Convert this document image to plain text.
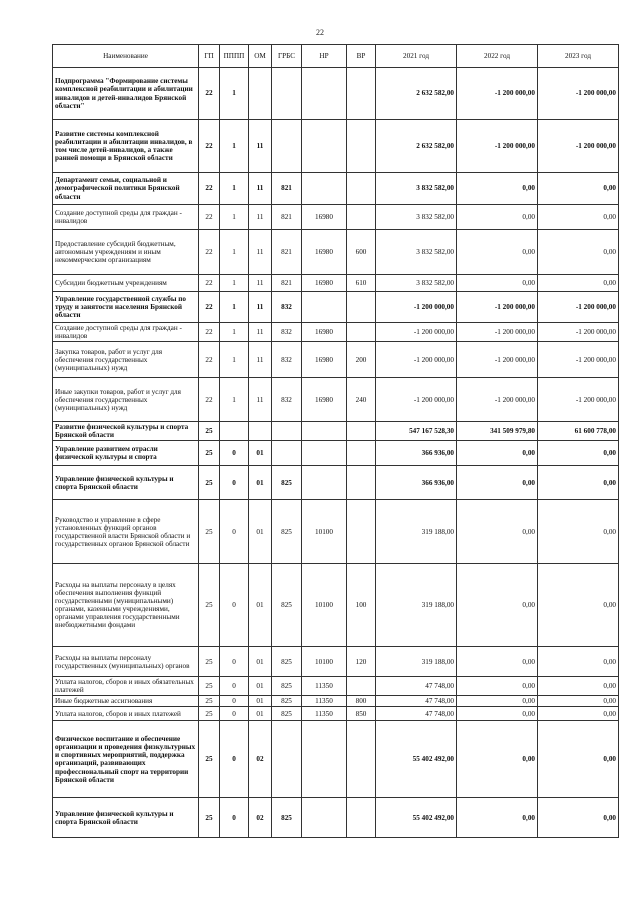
22
Наименование	ГП	ПППП	ОМ	ГРБС	НР	ВР	2021 год	2022 год	2023 год
Подпрограмма "Формирование системы комплексной реабилитации и абилитации инвалидов и детей-инвалидов Брянской области"	22	1					2 632 582,00	-1 200 000,00	-1 200 000,00
Развитие системы комплексной реабилитации и абилитации инвалидов, в том числе детей-инвалидов, а также ранней помощи в Брянской области	22	1	11				2 632 582,00	-1 200 000,00	-1 200 000,00
Департамент семьи, социальной и демографической политики Брянской области	22	1	11	821			3 832 582,00	0,00	0,00
Создание доступной среды для граждан - инвалидов	22	1	11	821	16980		3 832 582,00	0,00	0,00
Предоставление субсидий бюджетным, автономным учреждениям и иным некоммерческим организациям	22	1	11	821	16980	600	3 832 582,00	0,00	0,00
Субсидии бюджетным учреждениям	22	1	11	821	16980	610	3 832 582,00	0,00	0,00
Управление государственной службы по труду и занятости населения Брянской области	22	1	11	832			-1 200 000,00	-1 200 000,00	-1 200 000,00
Создание доступной среды для граждан - инвалидов	22	1	11	832	16980		-1 200 000,00	-1 200 000,00	-1 200 000,00
Закупка товаров, работ и услуг для обеспечения государственных (муниципальных) нужд	22	1	11	832	16980	200	-1 200 000,00	-1 200 000,00	-1 200 000,00
Иные закупки товаров, работ и услуг для обеспечения государственных (муниципальных) нужд	22	1	11	832	16980	240	-1 200 000,00	-1 200 000,00	-1 200 000,00
Развитие физической культуры и спорта Брянской области	25						547 167 528,30	341 509 979,80	61 600 778,00
Управление развитием отрасли физической культуры и спорта	25	0	01				366 936,00	0,00	0,00
Управление физической культуры и спорта Брянской области	25	0	01	825			366 936,00	0,00	0,00
Руководство и управление в сфере установленных функций органов государственной власти Брянской области и государственных органов Брянской области	25	0	01	825	10100		319 188,00	0,00	0,00
Расходы на выплаты персоналу в целях обеспечения выполнения функций государственными (муниципальными) органами, казенными учреждениями, органами управления государственными внебюджетными фондами	25	0	01	825	10100	100	319 188,00	0,00	0,00
Расходы на выплаты персоналу государственных (муниципальных) органов	25	0	01	825	10100	120	319 188,00	0,00	0,00
Уплата налогов, сборов и иных обязательных платежей	25	0	01	825	11350		47 748,00	0,00	0,00
Иные бюджетные ассигнования	25	0	01	825	11350	800	47 748,00	0,00	0,00
Уплата налогов, сборов и иных платежей	25	0	01	825	11350	850	47 748,00	0,00	0,00
Физическое воспитание и обеспечение организации и проведения физкультурных и спортивных мероприятий, поддержка организаций, развивающих профессиональный спорт на территории Брянской области	25	0	02				55 402 492,00	0,00	0,00
Управление физической культуры и спорта Брянской области	25	0	02	825			55 402 492,00	0,00	0,00
